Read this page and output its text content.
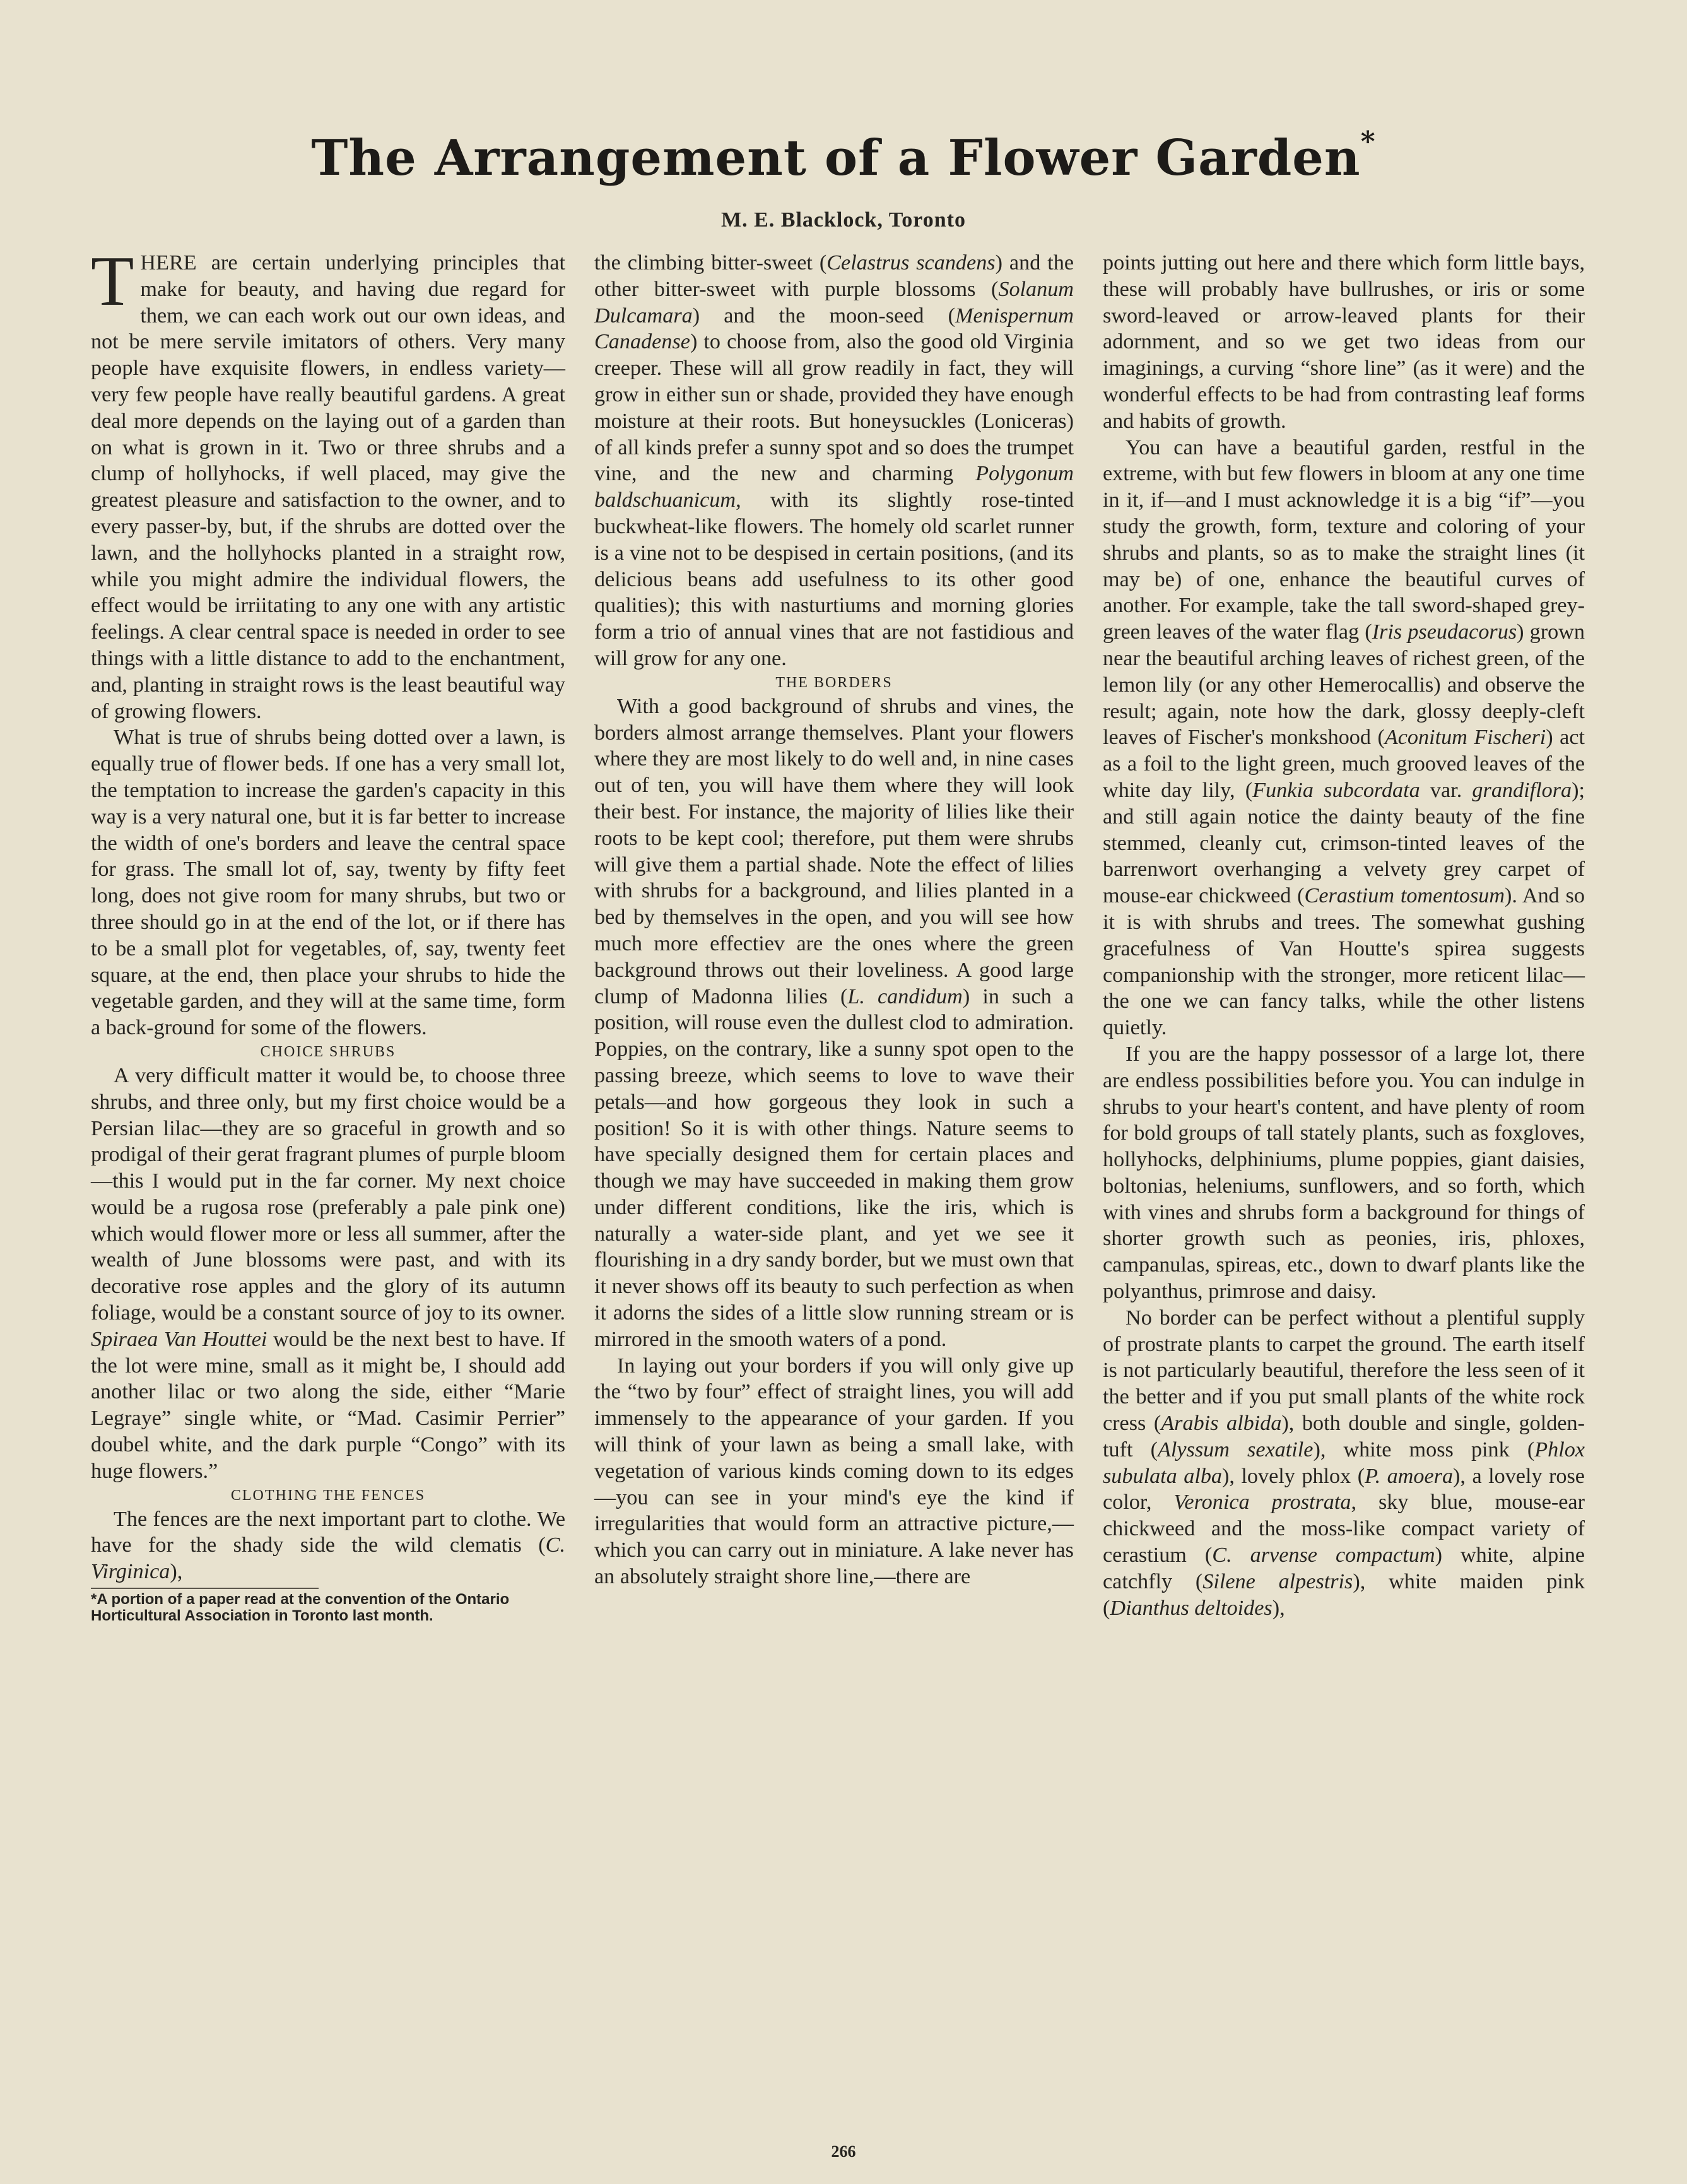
The Arrangement of a Flower Garden*
M. E. Blacklock, Toronto

THERE are certain underlying principles that make for beauty, and having due regard for them, we can each work out our own ideas, and not be mere servile imitators of others. Very many people have exquisite flowers, in endless variety—very few people have really beautiful gardens. A great deal more depends on the laying out of a garden than on what is grown in it. Two or three shrubs and a clump of hollyhocks, if well placed, may give the greatest pleasure and satisfaction to the owner, and to every passer-by, but, if the shrubs are dotted over the lawn, and the hollyhocks planted in a straight row, while you might admire the individual flowers, the effect would be irriitating to any one with any artistic feelings. A clear central space is needed in order to see things with a little distance to add to the enchantment, and, planting in straight rows is the least beautiful way of growing flowers.

What is true of shrubs being dotted over a lawn, is equally true of flower beds. If one has a very small lot, the temptation to increase the garden's capacity in this way is a very natural one, but it is far better to increase the width of one's borders and leave the central space for grass. The small lot of, say, twenty by fifty feet long, does not give room for many shrubs, but two or three should go in at the end of the lot, or if there has to be a small plot for vegetables, of, say, twenty feet square, at the end, then place your shrubs to hide the vegetable garden, and they will at the same time, form a back-ground for some of the flowers.

CHOICE SHRUBS

A very difficult matter it would be, to choose three shrubs, and three only, but my first choice would be a Persian lilac—they are so graceful in growth and so prodigal of their gerat fragrant plumes of purple bloom—this I would put in the far corner. My next choice would be a rugosa rose (preferably a pale pink one) which would flower more or less all summer, after the wealth of June blossoms were past, and with its decorative rose apples and the glory of its autumn foliage, would be a constant source of joy to its owner. Spiraea Van Houttei would be the next best to have. If the lot were mine, small as it might be, I should add another lilac or two along the side, either “Marie Legraye” single white, or “Mad. Casimir Perrier” doubel white, and the dark purple “Congo” with its huge flowers.”

CLOTHING THE FENCES

The fences are the next important part to clothe. We have for the shady side the wild clematis (C. Virginica),

*A portion of a paper read at the convention of the Ontario Horticultural Association in Toronto last month.

the climbing bitter-sweet (Celastrus scandens) and the other bitter-sweet with purple blossoms (Solanum Dulcamara) and the moon-seed (Menispernum Canadense) to choose from, also the good old Virginia creeper. These will all grow readily in fact, they will grow in either sun or shade, provided they have enough moisture at their roots. But honeysuckles (Loniceras) of all kinds prefer a sunny spot and so does the trumpet vine, and the new and charming Polygonum baldschuanicum, with its slightly rose-tinted buckwheat-like flowers. The homely old scarlet runner is a vine not to be despised in certain positions, (and its delicious beans add usefulness to its other good qualities); this with nasturtiums and morning glories form a trio of annual vines that are not fastidious and will grow for any one.

THE BORDERS

With a good background of shrubs and vines, the borders almost arrange themselves. Plant your flowers where they are most likely to do well and, in nine cases out of ten, you will have them where they will look their best. For instance, the majority of lilies like their roots to be kept cool; therefore, put them were shrubs will give them a partial shade. Note the effect of lilies with shrubs for a background, and lilies planted in a bed by themselves in the open, and you will see how much more effectiev are the ones where the green background throws out their loveliness. A good large clump of Madonna lilies (L. candidum) in such a position, will rouse even the dullest clod to admiration. Poppies, on the contrary, like a sunny spot open to the passing breeze, which seems to love to wave their petals—and how gorgeous they look in such a position! So it is with other things. Nature seems to have specially designed them for certain places and though we may have succeeded in making them grow under different conditions, like the iris, which is naturally a water-side plant, and yet we see it flourishing in a dry sandy border, but we must own that it never shows off its beauty to such perfection as when it adorns the sides of a little slow running stream or is mirrored in the smooth waters of a pond.

In laying out your borders if you will only give up the “two by four” effect of straight lines, you will add immensely to the appearance of your garden. If you will think of your lawn as being a small lake, with vegetation of various kinds coming down to its edges—you can see in your mind's eye the kind if irregularities that would form an attractive picture,—which you can carry out in miniature. A lake never has an absolutely straight shore line,—there are

points jutting out here and there which form little bays, these will probably have bullrushes, or iris or some sword-leaved or arrow-leaved plants for their adornment, and so we get two ideas from our imaginings, a curving “shore line” (as it were) and the wonderful effects to be had from contrasting leaf forms and habits of growth.

You can have a beautiful garden, restful in the extreme, with but few flowers in bloom at any one time in it, if—and I must acknowledge it is a big “if”—you study the growth, form, texture and coloring of your shrubs and plants, so as to make the straight lines (it may be) of one, enhance the beautiful curves of another. For example, take the tall sword-shaped grey-green leaves of the water flag (Iris pseudacorus) grown near the beautiful arching leaves of richest green, of the lemon lily (or any other Hemerocallis) and observe the result; again, note how the dark, glossy deeply-cleft leaves of Fischer's monkshood (Aconitum Fischeri) act as a foil to the light green, much grooved leaves of the white day lily, (Funkia subcordata var. grandiflora); and still again notice the dainty beauty of the fine stemmed, cleanly cut, crimson-tinted leaves of the barrenwort overhanging a velvety grey carpet of mouse-ear chickweed (Cerastium tomentosum). And so it is with shrubs and trees. The somewhat gushing gracefulness of Van Houtte's spirea suggests companionship with the stronger, more reticent lilac—the one we can fancy talks, while the other listens quietly.

If you are the happy possessor of a large lot, there are endless possibilities before you. You can indulge in shrubs to your heart's content, and have plenty of room for bold groups of tall stately plants, such as foxgloves, hollyhocks, delphiniums, plume poppies, giant daisies, boltonias, heleniums, sunflowers, and so forth, which with vines and shrubs form a background for things of shorter growth such as peonies, iris, phloxes, campanulas, spireas, etc., down to dwarf plants like the polyanthus, primrose and daisy.

No border can be perfect without a plentiful supply of prostrate plants to carpet the ground. The earth itself is not particularly beautiful, therefore the less seen of it the better and if you put small plants of the white rock cress (Arabis albida), both double and single, golden-tuft (Alyssum sexatile), white moss pink (Phlox subulata alba), lovely phlox (P. amoera), a lovely rose color, Veronica prostrata, sky blue, mouse-ear chickweed and the moss-like compact variety of cerastium (C. arvense compactum) white, alpine catchfly (Silene alpestris), white maiden pink (Dianthus deltoides),

266
